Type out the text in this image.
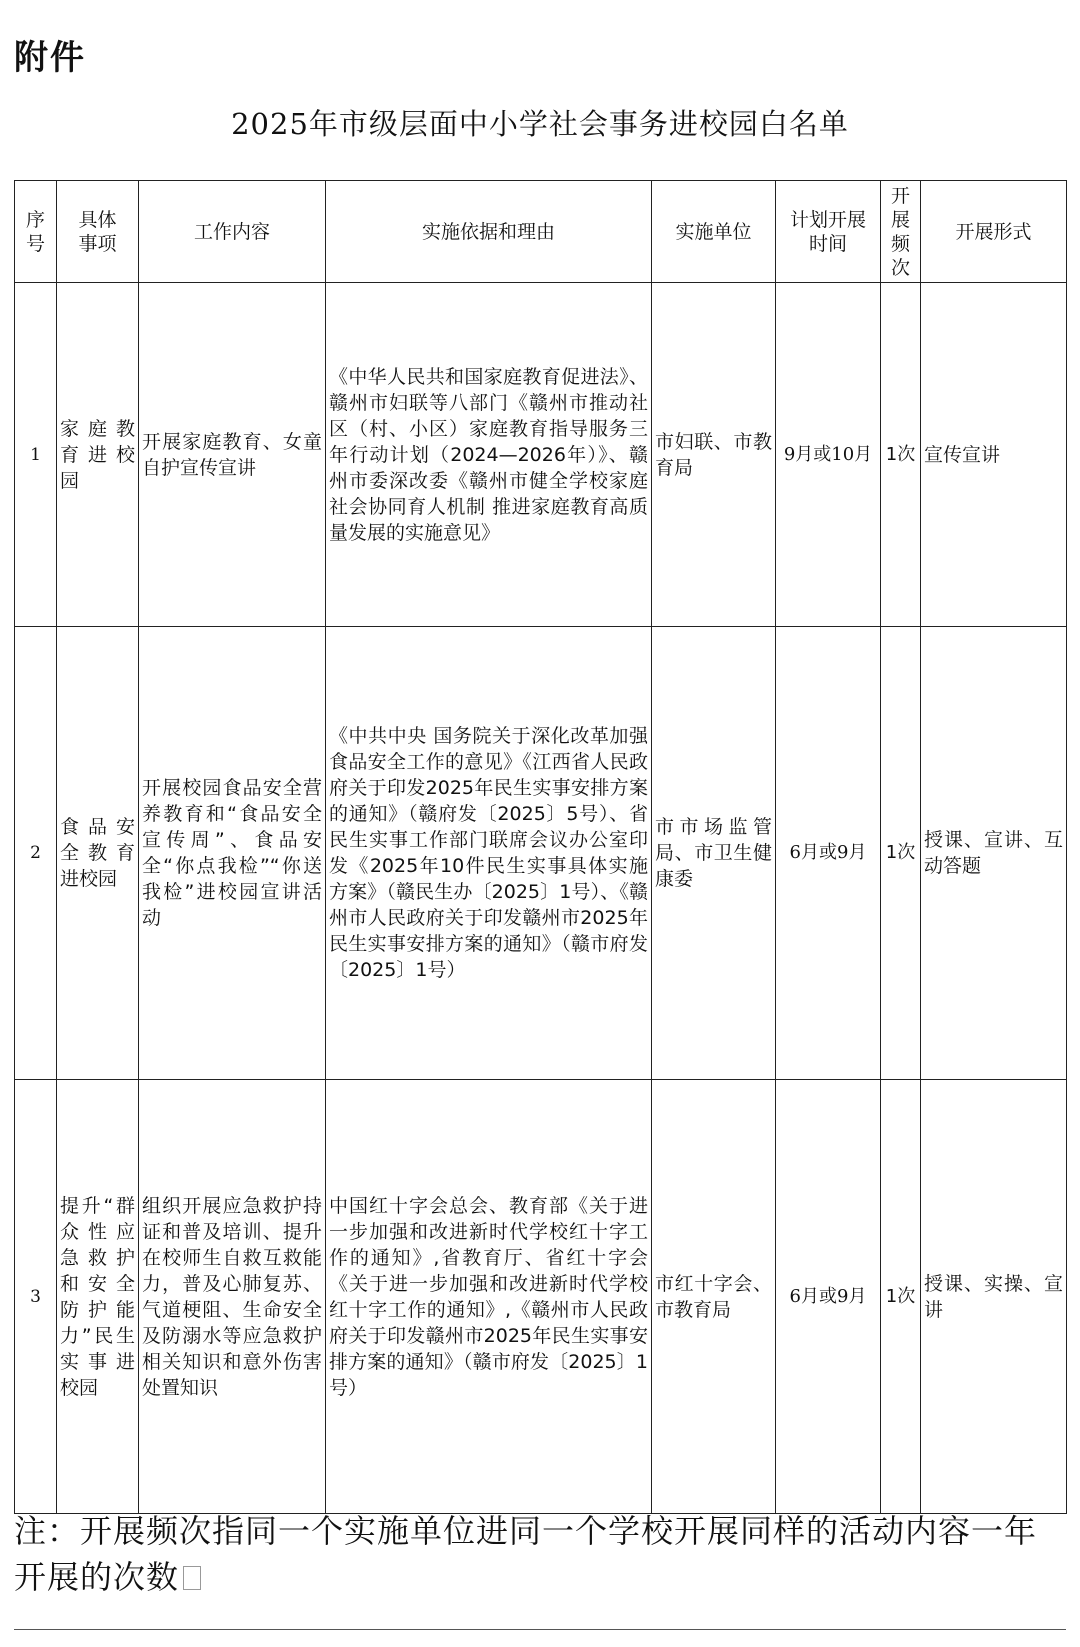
附件
2025年市级层面中小学社会事务进校园白名单
序号	具体事项	工作内容	实施依据和理由	实施单位	计划开展时间	开展频次	开展形式
1	家庭教育进校园	开展家庭教育、女童自护宣传宣讲	《中华人民共和国家庭教育促进法》、赣州市妇联等八部门《赣州市推动社区（村、小区）家庭教育指导服务三年行动计划（2024—2026年）》、赣州市委深改委《赣州市健全学校家庭社会协同育人机制 推进家庭教育高质量发展的实施意见》	市妇联、市教育局	9月或10月	1次	宣传宣讲
2	食品安全教育进校园	开展校园食品安全营养教育和“食品安全宣传周”、食品安全“你点我检”“你送我检”进校园宣讲活动	《中共中央 国务院关于深化改革加强食品安全工作的意见》《江西省人民政府关于印发2025年民生实事安排方案的通知》（赣府发〔2025〕5号）、省民生实事工作部门联席会议办公室印发《2025年10件民生实事具体实施方案》（赣民生办〔2025〕1号）、《赣州市人民政府关于印发赣州市2025年民生实事安排方案的通知》（赣市府发〔2025〕1号）	市市场监管局、市卫生健康委	6月或9月	1次	授课、宣讲、互动答题
3	提升“群众性应急救护和安全防护能力”民生实事进校园	组织开展应急救护持证和普及培训、提升在校师生自救互救能力，普及心肺复苏、气道梗阻、生命安全及防溺水等应急救护相关知识和意外伤害处置知识	中国红十字会总会、教育部《关于进一步加强和改进新时代学校红十字工作的通知》,省教育厅、省红十字会《关于进一步加强和改进新时代学校红十字工作的通知》,《赣州市人民政府关于印发赣州市2025年民生实事安排方案的通知》（赣市府发〔2025〕1号）	市红十字会、市教育局	6月或9月	1次	授课、实操、宣讲
注：开展频次指同一个实施单位进同一个学校开展同样的活动内容一年开展的次数
